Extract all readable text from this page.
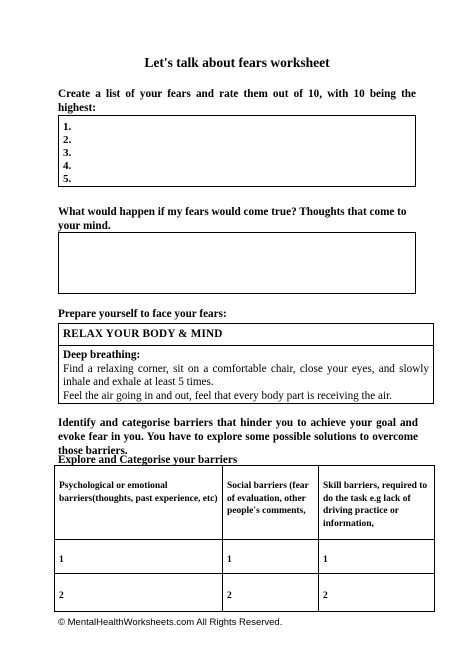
Let's talk about fears worksheet
Create a list of your fears and rate them out of 10, with 10 being the highest:
1.
2.
3.
4.
5.
What would happen if my fears would come true? Thoughts that come to your mind.
Prepare yourself to face your fears:
RELAX YOUR BODY & MIND
Deep breathing:
Find a relaxing corner, sit on a comfortable chair, close your eyes, and slowly inhale and exhale at least 5 times.
Feel the air going in and out, feel that every body part is receiving the air.
Identify and categorise barriers that hinder you to achieve your goal and evoke fear in you. You have to explore some possible solutions to overcome those barriers.
Explore and Categorise your barriers
Psychological or emotional barriers(thoughts, past experience, etc)	Social barriers (fear of evaluation, other people's comments,	Skill barriers, required to do the task e.g lack of driving practice or information,
1	1	1
2	2	2
© MentalHealthWorksheets.com All Rights Reserved.
